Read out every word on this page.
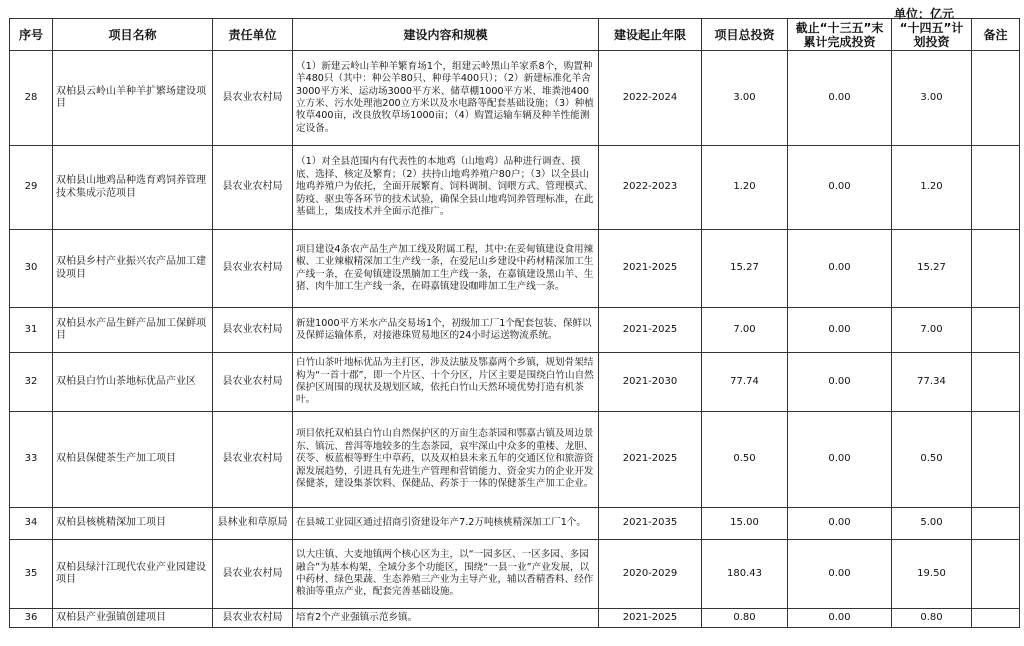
单位：亿元
序号	项目名称	责任单位	建设内容和规模	建设起止年限	项目总投资	截止“十三五”末累计完成投资	“十四五”计划投资	备注
28	双柏县云岭山羊种羊扩繁场建设项目	县农业农村局	（1）新建云岭山羊种羊繁育场1个，组建云岭黑山羊家系8个，购置种羊480只（其中：种公羊80只、种母羊400只）；（2）新建标准化羊舍3000平方米、运动场3000平方米、储草棚1000平方米、堆粪池400立方米、污水处理池200立方米以及水电路等配套基础设施；（3）种植牧草400亩，改良放牧草场1000亩；（4）购置运输车辆及种羊性能测定设备。	2022-2024	3.00	0.00	3.00	
29	双柏县山地鸡品种选育鸡饲养管理技术集成示范项目	县农业农村局	（1）对全县范围内有代表性的本地鸡（山地鸡）品种进行调查、摸底、选择、核定及繁育；（2）扶持山地鸡养殖户80户；（3）以全县山地鸡养殖户为依托，全面开展繁育、饲料调制、饲喂方式、管理模式、防疫、驱虫等各环节的技术试验，确保全县山地鸡饲养管理标准，在此基础上，集成技术并全面示范推广。	2022-2023	1.20	0.00	1.20	
30	双柏县乡村产业振兴农产品加工建设项目	县农业农村局	项目建设4条农产品生产加工线及附属工程，其中:在妥甸镇建设食用辣椒、工业辣椒精深加工生产线一条，在爱尼山乡建设中药材精深加工生产线一条，在妥甸镇建设黑腩加工生产线一条，在嘉镇建设黑山羊、生猪、肉牛加工生产线一条，在碍嘉镇建设咖啡加工生产线一条。	2021-2025	15.27	0.00	15.27	
31	双柏县水产品生鲜产品加工保鲜项目	县农业农村局	新建1000平方米水产品交易场1个，初级加工厂1个配套包装、保鲜以及保鲜运输体系，对接港珠贸易地区的24小时运送物流系统。	2021-2025	7.00	0.00	7.00	
32	双柏县白竹山茶地标优品产业区	县农业农村局	白竹山茶叶地标优品为主打区，涉及法脿及鄂嘉两个乡镇，规划骨架结构为“一首十郡”，即一个片区、十个分区，片区主要是围绕白竹山自然保护区周围的现状及规划区域，依托白竹山天然环境优势打造有机茶叶。	2021-2030	77.74	0.00	77.34	
33	双柏县保健茶生产加工项目	县农业农村局	项目依托双柏县白竹山自然保护区的万亩生态茶园和鄂嘉古镇及周边景东、镇沅、普洱等地较多的生态茶园，哀牢深山中众多的重楼、龙胆、茯苓、板蓝根等野生中草药，以及双柏县未来五年的交通区位和旅游资源发展趋势，引进具有先进生产管理和营销能力、资金实力的企业开发保健茶，建设集茶饮料、保健品、药茶于一体的保健茶生产加工企业。	2021-2025	0.50	0.00	0.50	
34	双柏县核桃精深加工项目	县林业和草原局	在县城工业园区通过招商引资建设年产7.2万吨核桃精深加工厂1个。	2021-2035	15.00	0.00	5.00	
35	双柏县绿汁江现代农业产业园建设项目	县农业农村局	以大庄镇、大麦地镇两个核心区为主，以“一园多区、一区多园、多园融合”为基本构架，全域分多个功能区，围绕“一县一业”产业发展，以中药材、绿色果蔬、生态养殖三产业为主导产业，辅以香精香料、经作粮油等重点产业，配套完善基础设施。	2020-2029	180.43	0.00	19.50	
36	双柏县产业强镇创建项目	县农业农村局	培育2个产业强镇示范乡镇。	2021-2025	0.80	0.00	0.80	
